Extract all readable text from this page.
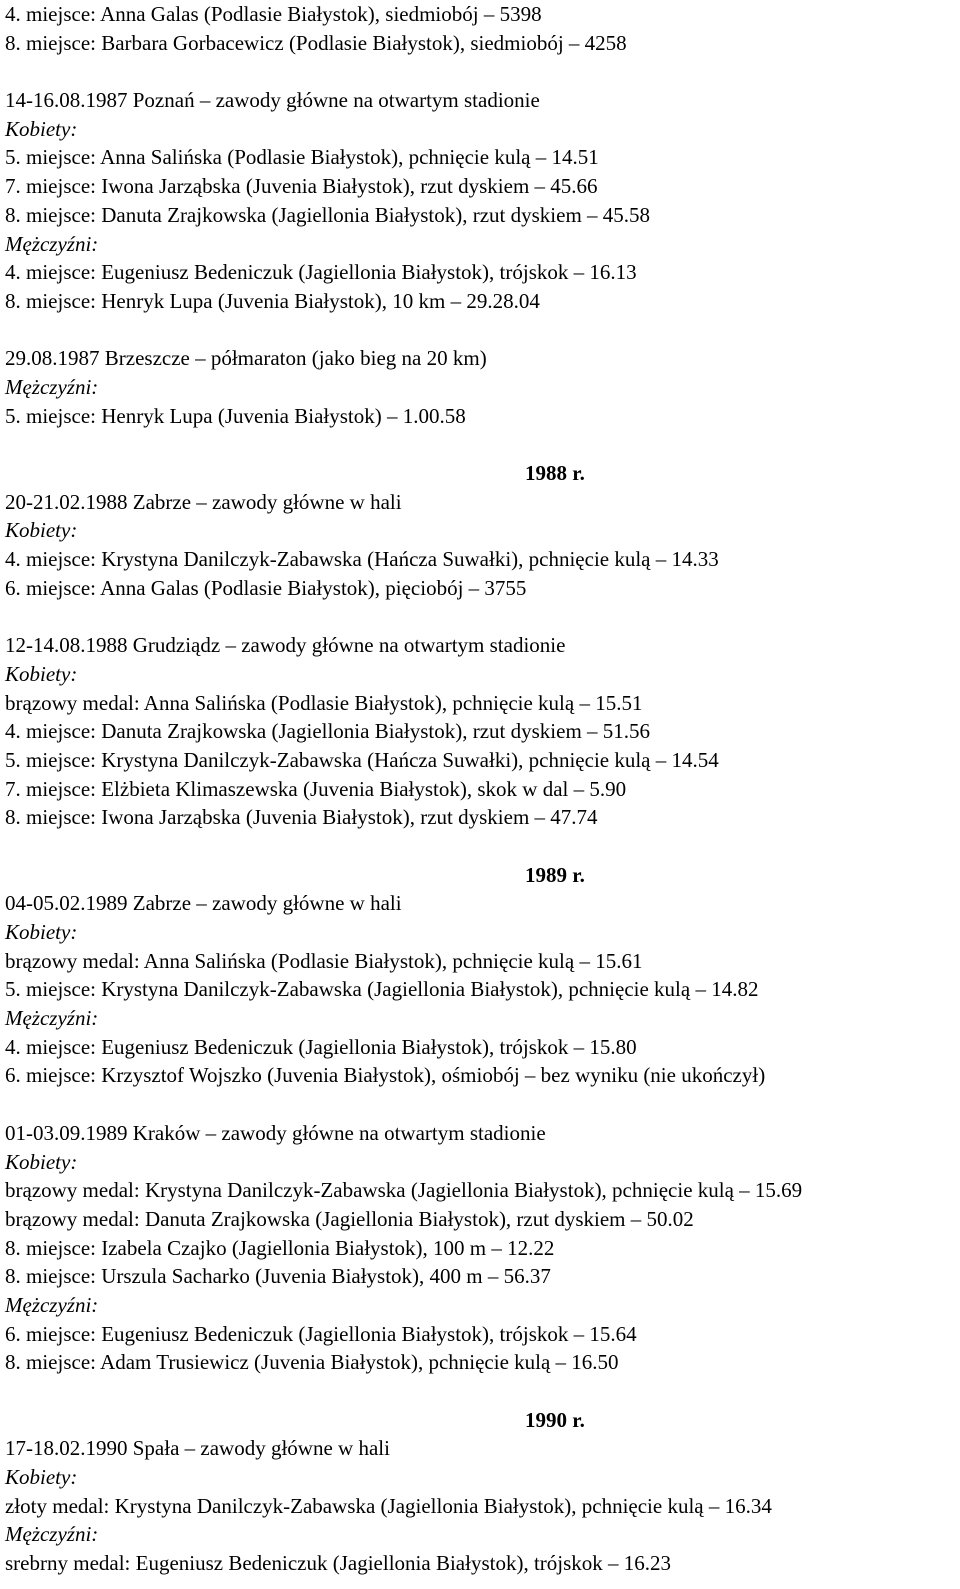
4. miejsce: Anna Galas (Podlasie Białystok), siedmiobój – 5398
8. miejsce: Barbara Gorbacewicz (Podlasie Białystok), siedmiobój – 4258
14-16.08.1987 Poznań – zawody główne na otwartym stadionie
Kobiety:
5. miejsce: Anna Salińska (Podlasie Białystok), pchnięcie kulą – 14.51
7. miejsce: Iwona Jarząbska (Juvenia Białystok), rzut dyskiem – 45.66
8. miejsce: Danuta Zrajkowska (Jagiellonia Białystok), rzut dyskiem – 45.58
Mężczyźni:
4. miejsce: Eugeniusz Bedeniczuk (Jagiellonia Białystok), trójskok – 16.13
8. miejsce: Henryk Lupa (Juvenia Białystok), 10 km – 29.28.04
29.08.1987 Brzeszcze – półmaraton (jako bieg na 20 km)
Mężczyźni:
5. miejsce: Henryk Lupa (Juvenia Białystok) – 1.00.58
1988 r.
20-21.02.1988 Zabrze – zawody główne w hali
Kobiety:
4. miejsce: Krystyna Danilczyk-Zabawska (Hańcza Suwałki), pchnięcie kulą – 14.33
6. miejsce: Anna Galas (Podlasie Białystok), pięciobój – 3755
12-14.08.1988 Grudziądz – zawody główne na otwartym stadionie
Kobiety:
brązowy medal: Anna Salińska (Podlasie Białystok), pchnięcie kulą – 15.51
4. miejsce: Danuta Zrajkowska (Jagiellonia Białystok), rzut dyskiem – 51.56
5. miejsce: Krystyna Danilczyk-Zabawska (Hańcza Suwałki), pchnięcie kulą – 14.54
7. miejsce: Elżbieta Klimaszewska (Juvenia Białystok), skok w dal – 5.90
8. miejsce: Iwona Jarząbska (Juvenia Białystok), rzut dyskiem – 47.74
1989 r.
04-05.02.1989 Zabrze – zawody główne w hali
Kobiety:
brązowy medal: Anna Salińska (Podlasie Białystok), pchnięcie kulą – 15.61
5. miejsce: Krystyna Danilczyk-Zabawska (Jagiellonia Białystok), pchnięcie kulą – 14.82
Mężczyźni:
4. miejsce: Eugeniusz Bedeniczuk (Jagiellonia Białystok), trójskok – 15.80
6. miejsce: Krzysztof Wojszko (Juvenia Białystok), ośmiobój – bez wyniku (nie ukończył)
01-03.09.1989 Kraków – zawody główne na otwartym stadionie
Kobiety:
brązowy medal: Krystyna Danilczyk-Zabawska (Jagiellonia Białystok), pchnięcie kulą – 15.69
brązowy medal: Danuta Zrajkowska (Jagiellonia Białystok), rzut dyskiem – 50.02
8. miejsce: Izabela Czajko (Jagiellonia Białystok), 100 m – 12.22
8. miejsce: Urszula Sacharko (Juvenia Białystok), 400 m – 56.37
Mężczyźni:
6. miejsce: Eugeniusz Bedeniczuk (Jagiellonia Białystok), trójskok – 15.64
8. miejsce: Adam Trusiewicz (Juvenia Białystok), pchnięcie kulą – 16.50
1990 r.
17-18.02.1990 Spała – zawody główne w hali
Kobiety:
złoty medal: Krystyna Danilczyk-Zabawska (Jagiellonia Białystok), pchnięcie kulą – 16.34
Mężczyźni:
srebrny medal: Eugeniusz Bedeniczuk (Jagiellonia Białystok), trójskok – 16.23
